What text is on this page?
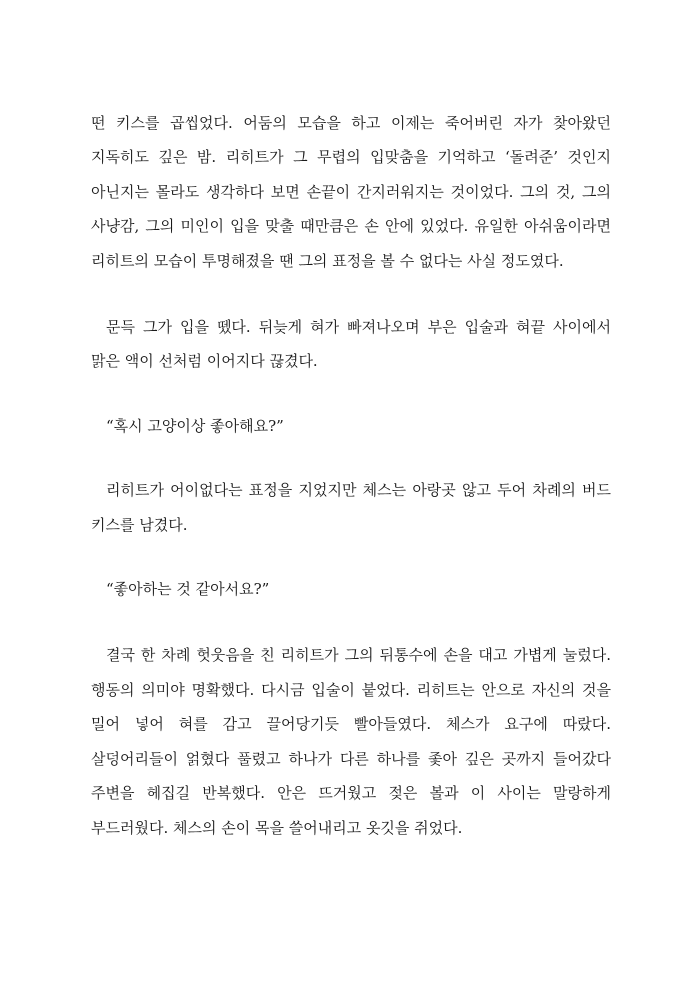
떤 키스를 곱씹었다. 어둠의 모습을 하고 이제는 죽어버린 자가 찾아왔던 지독히도 깊은 밤. 리히트가 그 무렵의 입맞춤을 기억하고 ‘돌려준’ 것인지 아닌지는 몰라도 생각하다 보면 손끝이 간지러워지는 것이었다. 그의 것, 그의 사냥감, 그의 미인이 입을 맞출 때만큼은 손 안에 있었다. 유일한 아쉬움이라면 리히트의 모습이 투명해졌을 땐 그의 표정을 볼 수 없다는 사실 정도였다.

문득 그가 입을 뗐다. 뒤늦게 혀가 빠져나오며 부은 입술과 혀끝 사이에서 맑은 액이 선처럼 이어지다 끊겼다.

“혹시 고양이상 좋아해요?”

리히트가 어이없다는 표정을 지었지만 체스는 아랑곳 않고 두어 차례의 버드 키스를 남겼다.

“좋아하는 것 같아서요?”

결국 한 차례 헛웃음을 친 리히트가 그의 뒤통수에 손을 대고 가볍게 눌렀다. 행동의 의미야 명확했다. 다시금 입술이 붙었다. 리히트는 안으로 자신의 것을 밀어 넣어 혀를 감고 끌어당기듯 빨아들였다. 체스가 요구에 따랐다. 살덩어리들이 얽혔다 풀렸고 하나가 다른 하나를 좇아 깊은 곳까지 들어갔다 주변을 헤집길 반복했다. 안은 뜨거웠고 젖은 볼과 이 사이는 말랑하게 부드러웠다. 체스의 손이 목을 쓸어내리고 옷깃을 쥐었다.
